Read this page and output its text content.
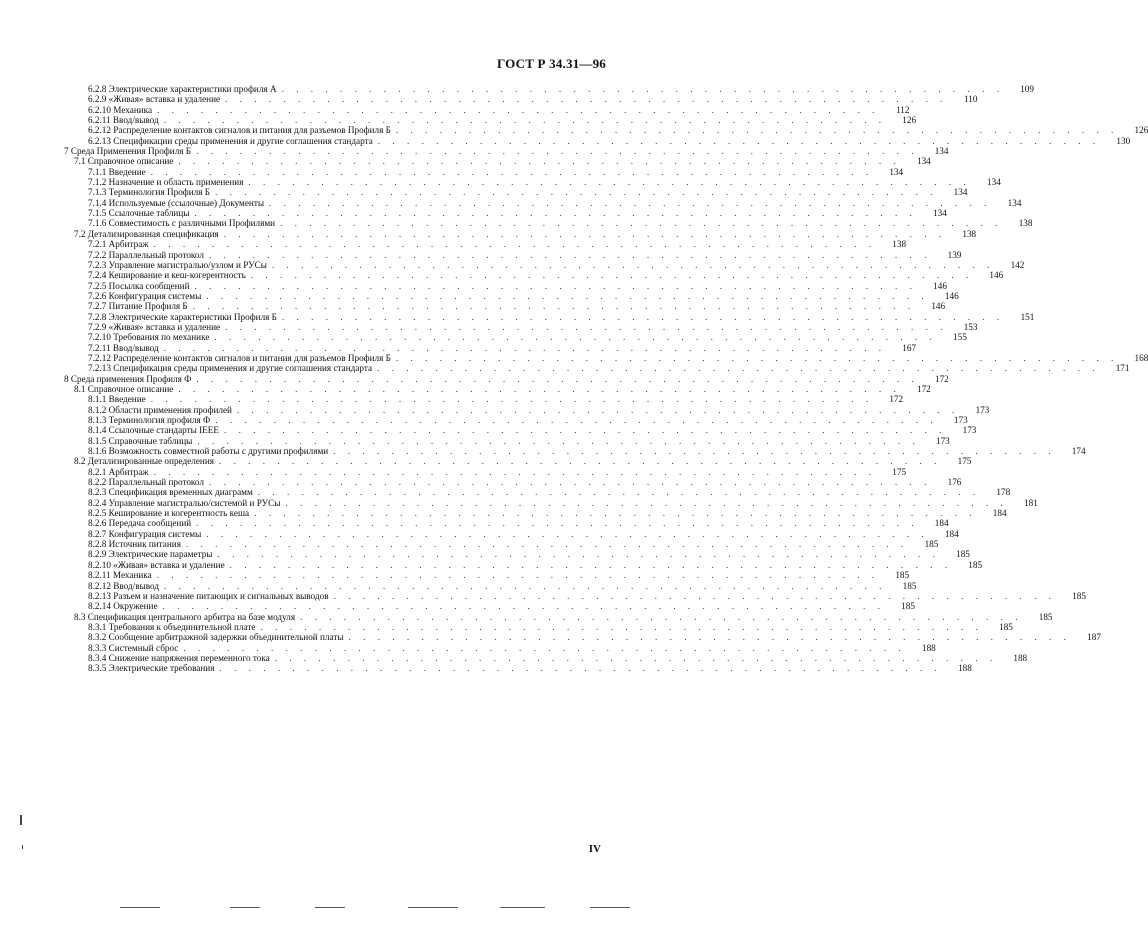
ГОСТ Р 34.31—96
6.2.8 Электрические характеристики профиля А . . . . . . . . . . . . . . . . . . . . . . . . . . . . . . . . . . . . . . . . . . . . . . . . . .	109
6.2.9 «Живая» вставка и удаление . . . . . . . . . . . . . . . . . . . . . . . . . . . . . . . . . . . . . . . . . . . . . . . . . .	110
6.2.10 Механика . . . . . . . . . . . . . . . . . . . . . . . . . . . . . . . . . . . . . . . . . . . . . . . . . .	112
6.2.11 Ввод/вывод . . . . . . . . . . . . . . . . . . . . . . . . . . . . . . . . . . . . . . . . . . . . . . . . . .	126
6.2.12 Распределение контактов сигналов и питания для разъемов Профиля Б . . . . . . . . . . . . . . . . . . . . . . . . . . . . . . . . . . . . . . . . . . . . . . . . . .	126
6.2.13 Спецификации среды применения и другие соглашения стандарта . . . . . . . . . . . . . . . . . . . . . . . . . . . . . . . . . . . . . . . . . . . . . . . . . .	130
7 Среда Применения Профиля Б . . . . . . . . . . . . . . . . . . . . . . . . . . . . . . . . . . . . . . . . . . . . . . . . . .	134
7.1 Справочное описание . . . . . . . . . . . . . . . . . . . . . . . . . . . . . . . . . . . . . . . . . . . . . . . . . .	134
7.1.1 Введение . . . . . . . . . . . . . . . . . . . . . . . . . . . . . . . . . . . . . . . . . . . . . . . . . .	134
7.1.2 Назначение и область применения . . . . . . . . . . . . . . . . . . . . . . . . . . . . . . . . . . . . . . . . . . . . . . . . . .	134
7.1.3 Терминология Профиля Б . . . . . . . . . . . . . . . . . . . . . . . . . . . . . . . . . . . . . . . . . . . . . . . . . .	134
7.1.4 Используемые (ссылочные) Документы . . . . . . . . . . . . . . . . . . . . . . . . . . . . . . . . . . . . . . . . . . . . . . . . . .	134
7.1.5 Ссылочные таблицы . . . . . . . . . . . . . . . . . . . . . . . . . . . . . . . . . . . . . . . . . . . . . . . . . .	134
7.1.6 Совместимость с различными Профилями . . . . . . . . . . . . . . . . . . . . . . . . . . . . . . . . . . . . . . . . . . . . . . . . . .	138
7.2 Детализированная спецификация . . . . . . . . . . . . . . . . . . . . . . . . . . . . . . . . . . . . . . . . . . . . . . . . . .	138
7.2.1 Арбитраж . . . . . . . . . . . . . . . . . . . . . . . . . . . . . . . . . . . . . . . . . . . . . . . . . .	138
7.2.2 Параллельный протокол . . . . . . . . . . . . . . . . . . . . . . . . . . . . . . . . . . . . . . . . . . . . . . . . . .	139
7.2.3 Управление магистралью/узлом и РУСы . . . . . . . . . . . . . . . . . . . . . . . . . . . . . . . . . . . . . . . . . . . . . . . . . .	142
7.2.4 Кеширование и кеш-когерентность . . . . . . . . . . . . . . . . . . . . . . . . . . . . . . . . . . . . . . . . . . . . . . . . . .	146
7.2.5 Посылка сообщений . . . . . . . . . . . . . . . . . . . . . . . . . . . . . . . . . . . . . . . . . . . . . . . . . .	146
7.2.6 Конфигурация системы . . . . . . . . . . . . . . . . . . . . . . . . . . . . . . . . . . . . . . . . . . . . . . . . . .	146
7.2.7 Питание Профиля Б . . . . . . . . . . . . . . . . . . . . . . . . . . . . . . . . . . . . . . . . . . . . . . . . . .	146
7.2.8 Электрические характеристики Профиля Б . . . . . . . . . . . . . . . . . . . . . . . . . . . . . . . . . . . . . . . . . . . . . . . . . .	151
7.2.9 «Живая» вставка и удаление . . . . . . . . . . . . . . . . . . . . . . . . . . . . . . . . . . . . . . . . . . . . . . . . . .	153
7.2.10 Требования по механике . . . . . . . . . . . . . . . . . . . . . . . . . . . . . . . . . . . . . . . . . . . . . . . . . .	155
7.2.11 Ввод/вывод . . . . . . . . . . . . . . . . . . . . . . . . . . . . . . . . . . . . . . . . . . . . . . . . . .	167
7.2.12 Распределение контактов сигналов и питания для разъемов Профиля Б . . . . . . . . . . . . . . . . . . . . . . . . . . . . . . . . . . . . . . . . . . . . . . . . . .	168
7.2.13 Спецификация среды применения и другие соглашения стандарта . . . . . . . . . . . . . . . . . . . . . . . . . . . . . . . . . . . . . . . . . . . . . . . . . .	171
8 Среда применения Профиля Ф . . . . . . . . . . . . . . . . . . . . . . . . . . . . . . . . . . . . . . . . . . . . . . . . . .	172
8.1 Справочное описание . . . . . . . . . . . . . . . . . . . . . . . . . . . . . . . . . . . . . . . . . . . . . . . . . .	172
8.1.1 Введение . . . . . . . . . . . . . . . . . . . . . . . . . . . . . . . . . . . . . . . . . . . . . . . . . .	172
8.1.2 Области применения профилей . . . . . . . . . . . . . . . . . . . . . . . . . . . . . . . . . . . . . . . . . . . . . . . . . .	173
8.1.3 Терминология профиля Ф . . . . . . . . . . . . . . . . . . . . . . . . . . . . . . . . . . . . . . . . . . . . . . . . . .	173
8.1.4 Ссылочные стандарты IEEE . . . . . . . . . . . . . . . . . . . . . . . . . . . . . . . . . . . . . . . . . . . . . . . . . .	173
8.1.5 Справочные таблицы . . . . . . . . . . . . . . . . . . . . . . . . . . . . . . . . . . . . . . . . . . . . . . . . . .	173
8.1.6 Возможность совместной работы с другими профилями . . . . . . . . . . . . . . . . . . . . . . . . . . . . . . . . . . . . . . . . . . . . . . . . . .	174
8.2 Детализированные определения . . . . . . . . . . . . . . . . . . . . . . . . . . . . . . . . . . . . . . . . . . . . . . . . . .	175
8.2.1 Арбитраж . . . . . . . . . . . . . . . . . . . . . . . . . . . . . . . . . . . . . . . . . . . . . . . . . .	175
8.2.2 Параллельный протокол . . . . . . . . . . . . . . . . . . . . . . . . . . . . . . . . . . . . . . . . . . . . . . . . . .	176
8.2.3 Спецификация временных диаграмм . . . . . . . . . . . . . . . . . . . . . . . . . . . . . . . . . . . . . . . . . . . . . . . . . .	178
8.2.4 Управление магистралью/системой и РУСы . . . . . . . . . . . . . . . . . . . . . . . . . . . . . . . . . . . . . . . . . . . . . . . . . .	181
8.2.5 Кеширование и когерентность кеша . . . . . . . . . . . . . . . . . . . . . . . . . . . . . . . . . . . . . . . . . . . . . . . . . .	184
8.2.6 Передача сообщений . . . . . . . . . . . . . . . . . . . . . . . . . . . . . . . . . . . . . . . . . . . . . . . . . .	184
8.2.7 Конфигурация системы . . . . . . . . . . . . . . . . . . . . . . . . . . . . . . . . . . . . . . . . . . . . . . . . . .	184
8.2.8 Источник питания . . . . . . . . . . . . . . . . . . . . . . . . . . . . . . . . . . . . . . . . . . . . . . . . . .	185
8.2.9 Электрические параметры . . . . . . . . . . . . . . . . . . . . . . . . . . . . . . . . . . . . . . . . . . . . . . . . . .	185
8.2.10 «Живая» вставка и удаление . . . . . . . . . . . . . . . . . . . . . . . . . . . . . . . . . . . . . . . . . . . . . . . . . .	185
8.2.11 Механика . . . . . . . . . . . . . . . . . . . . . . . . . . . . . . . . . . . . . . . . . . . . . . . . . .	185
8.2.12 Ввод/вывод . . . . . . . . . . . . . . . . . . . . . . . . . . . . . . . . . . . . . . . . . . . . . . . . . .	185
8.2.13 Разъем и назначение питающих и сигнальных выводов . . . . . . . . . . . . . . . . . . . . . . . . . . . . . . . . . . . . . . . . . . . . . . . . . .	185
8.2.14 Окружение . . . . . . . . . . . . . . . . . . . . . . . . . . . . . . . . . . . . . . . . . . . . . . . . . .	185
8.3 Спецификация центрального арбитра на базе модуля . . . . . . . . . . . . . . . . . . . . . . . . . . . . . . . . . . . . . . . . . . . . . . . . . .	185
8.3.1 Требования к объединительной плате . . . . . . . . . . . . . . . . . . . . . . . . . . . . . . . . . . . . . . . . . . . . . . . . . .	185
8.3.2 Сообщение арбитражной задержки объединительной платы . . . . . . . . . . . . . . . . . . . . . . . . . . . . . . . . . . . . . . . . . . . . . . . . . .	187
8.3.3 Системный сброс . . . . . . . . . . . . . . . . . . . . . . . . . . . . . . . . . . . . . . . . . . . . . . . . . .	188
8.3.4 Снижение напряжения переменного тока . . . . . . . . . . . . . . . . . . . . . . . . . . . . . . . . . . . . . . . . . . . . . . . . . .	188
8.3.5 Электрические требования . . . . . . . . . . . . . . . . . . . . . . . . . . . . . . . . . . . . . . . . . . . . . . . . . .	188
IV
